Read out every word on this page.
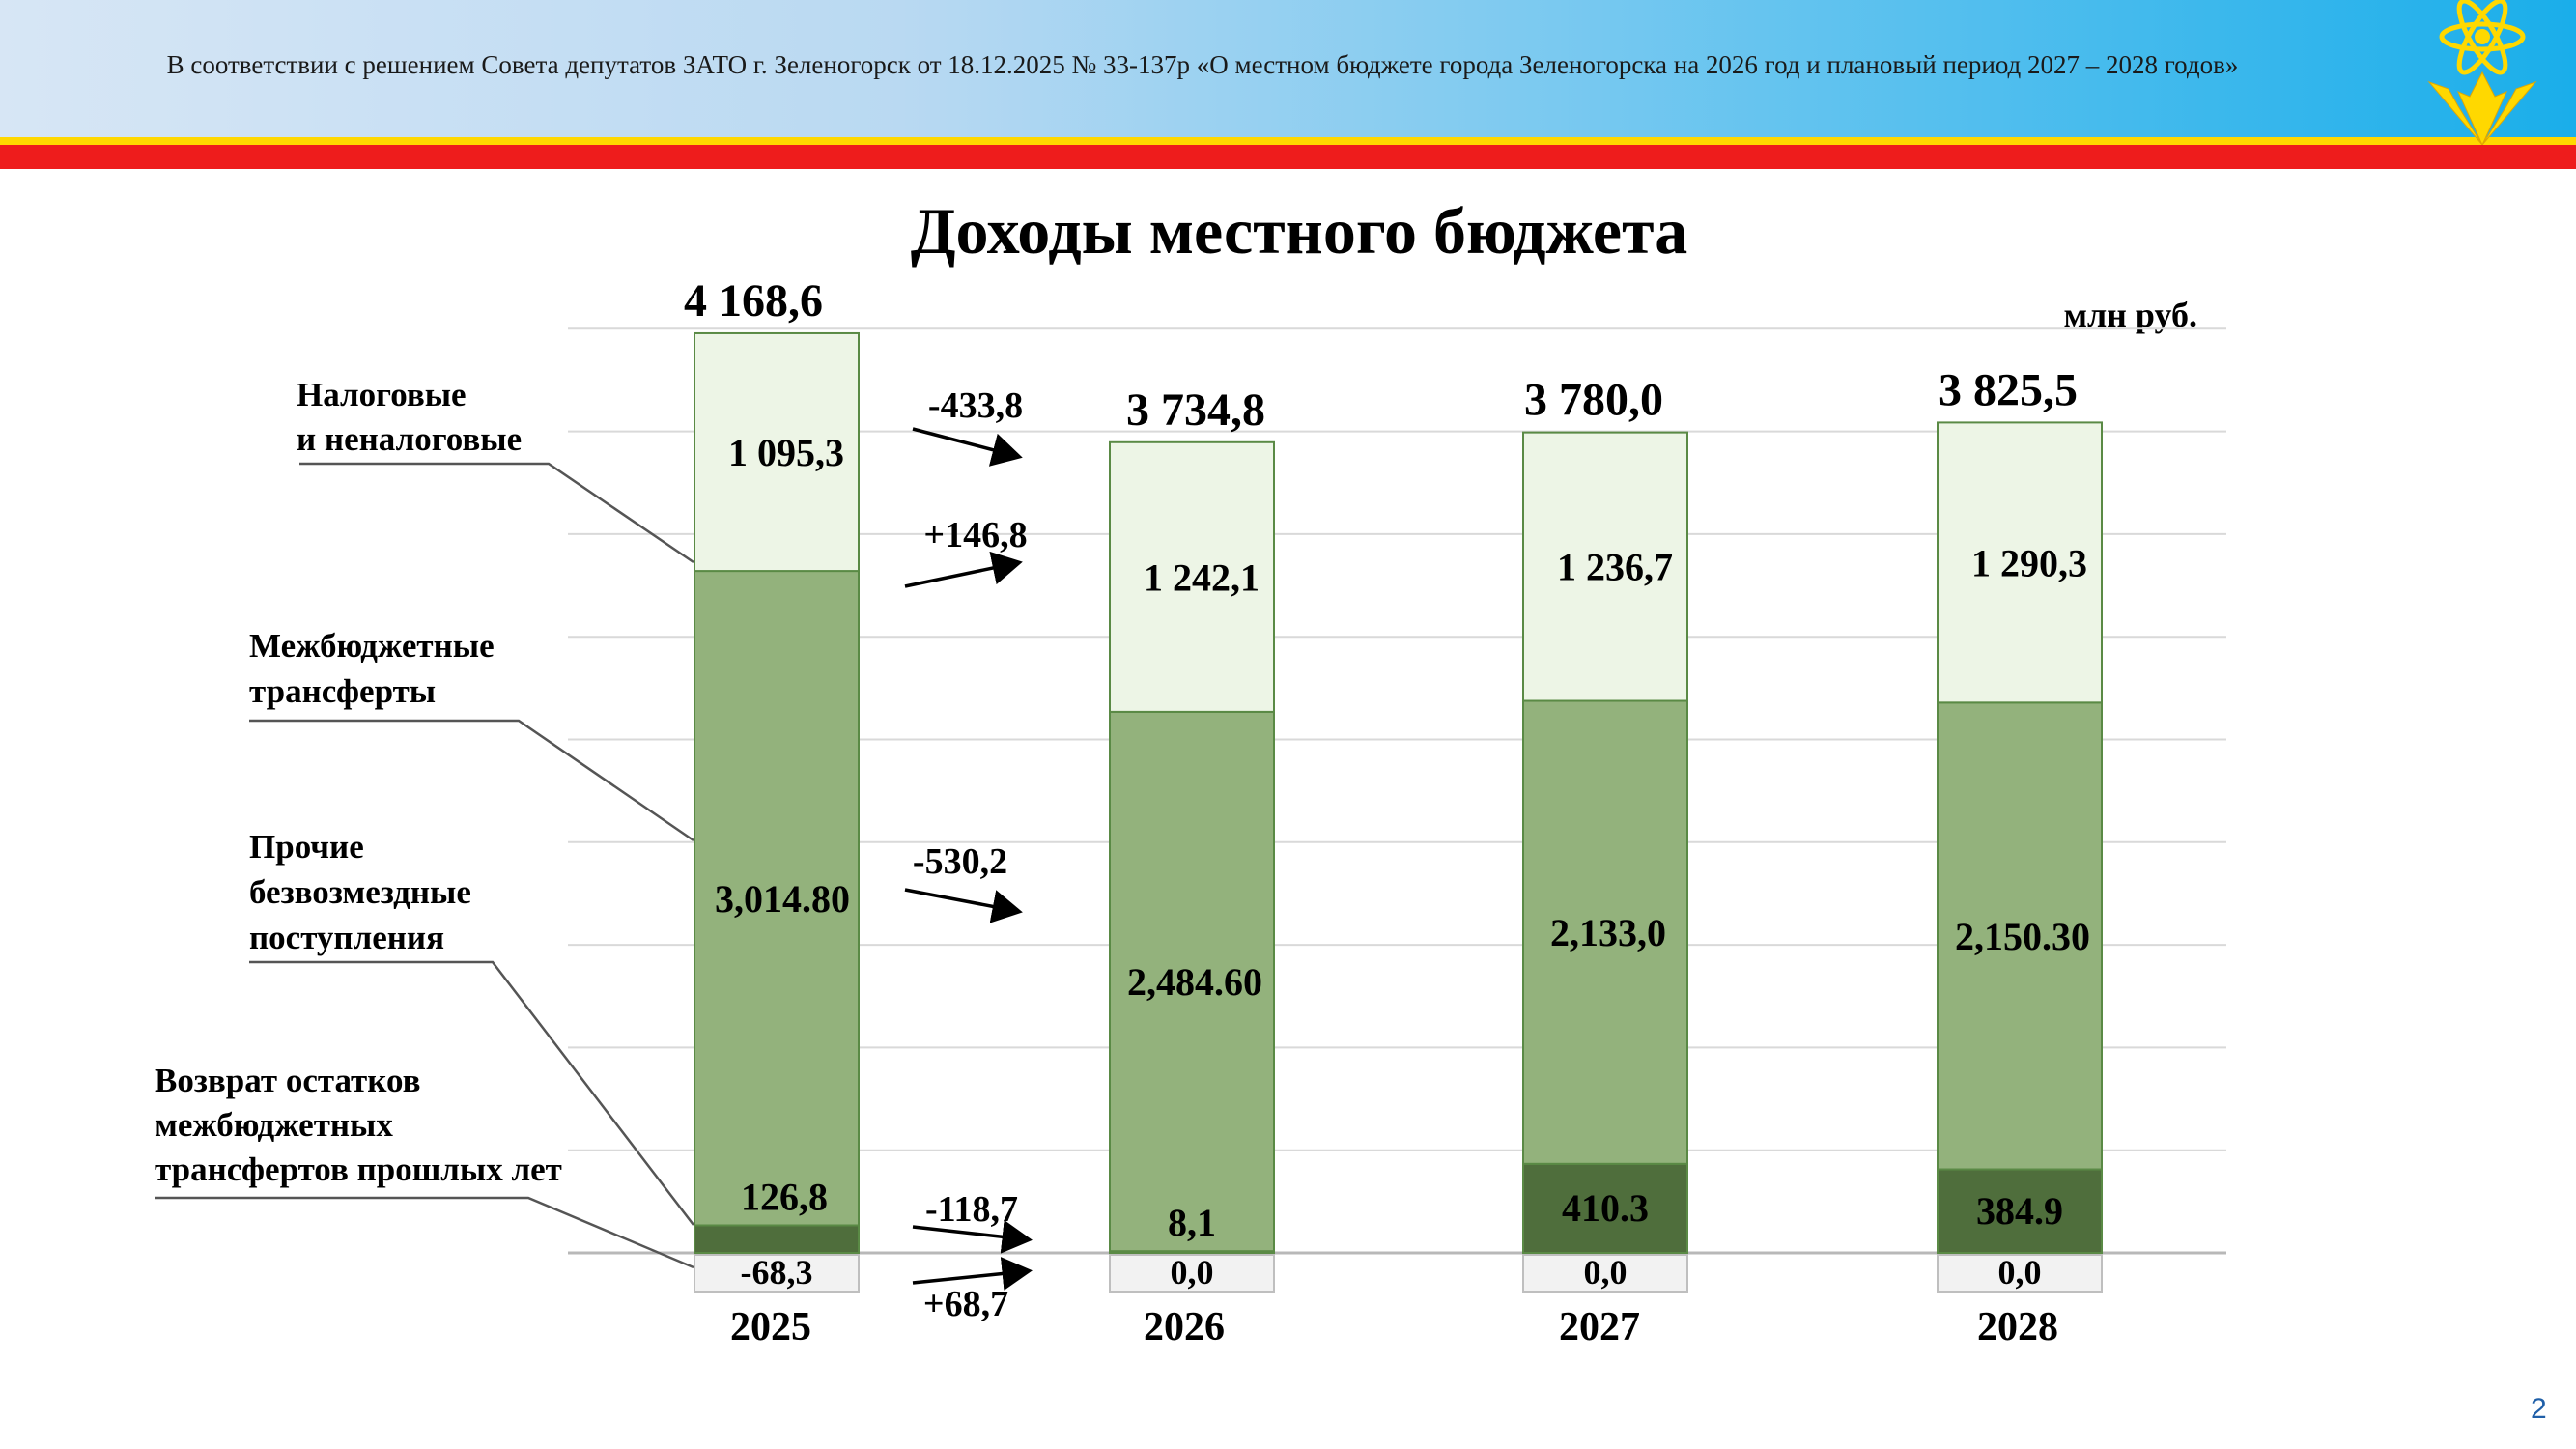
В соответствии с решением Совета депутатов ЗАТО г. Зеленогорск от 18.12.2025 № 33-137р «О местном бюджете города Зеленогорска на 2026 год и плановый период 2027 – 2028 годов»
Доходы местного бюджета
млн руб.
-68,3
126,8
3,014.80
1 095,3
4 168,6
2025
0,0
8,1
2,484.60
1 242,1
3 734,8
2026
0,0
410.3
2,133,0
1 236,7
3 780,0
2027
0,0
384.9
2,150.30
1 290,3
3 825,5
2028
Налоговые
и неналоговые
Межбюджетные
трансферты
Прочие
безвозмездные
поступления
Возврат остатков
межбюджетных
трансфертов прошлых лет
-433,8
+146,8
-530,2
-118,7
+68,7
2
